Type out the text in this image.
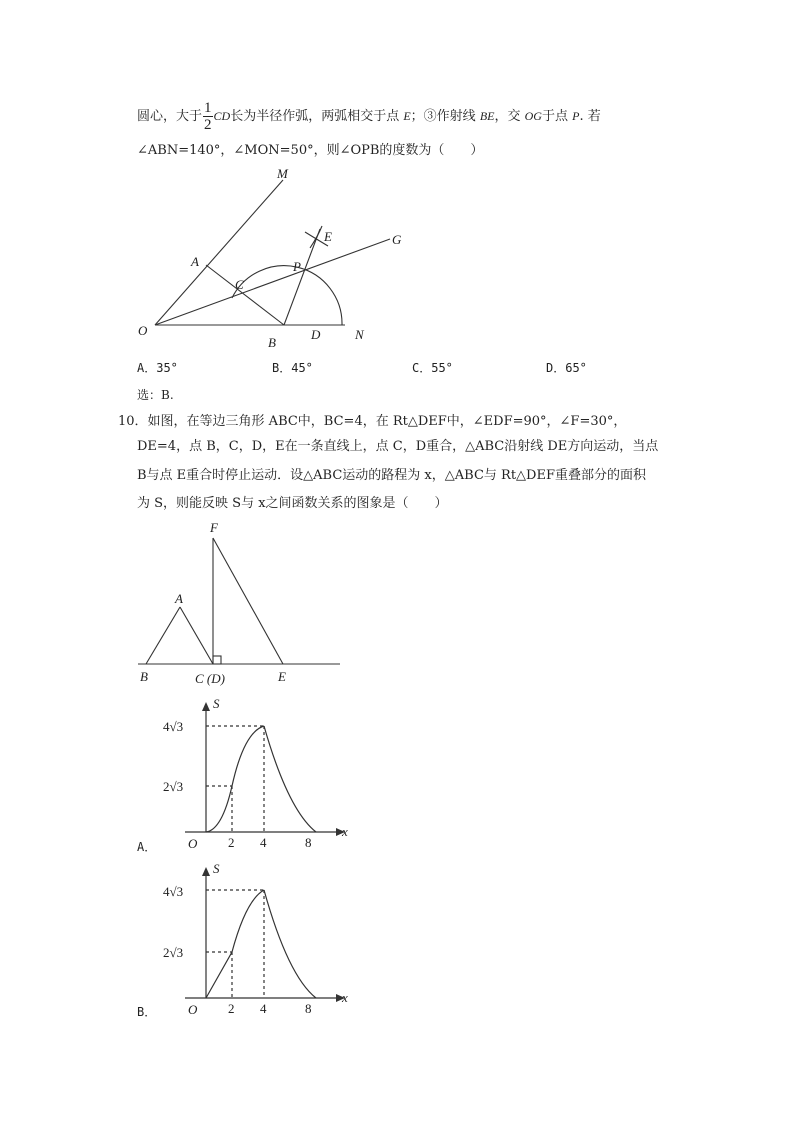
圆心，大于 $\frac{1}{2}$ CD长为半径作弧，两弧相交于点 E；③作射线 BE，交 OG于点 P. 若
∠ABN=140°，∠MON=50°，则∠OPB的度数为（　　）
M
E	G
A	P
C
O
B
D	N
A．35°	B．45°	C．55°	D．65°
选：B.
10．如图，在等边三角形 ABC中，BC=4，在 Rt△DEF中，∠EDF=90°，∠F=30°，
DE=4，点 B，C，D，E在一条直线上，点 C，D重合，△ABC沿射线 DE方向运动，当点
B与点 E重合时停止运动．设△ABC运动的路程为 x，△ABC与 Rt△DEF重叠部分的面积
为 S，则能反映 S与 x之间函数关系的图象是（　　）
F
A
B	C (D)	E
S
x
O
4√3
2√3
2 4	8
A．
S
x
O
4√3
2√3
2 4	8
B．
